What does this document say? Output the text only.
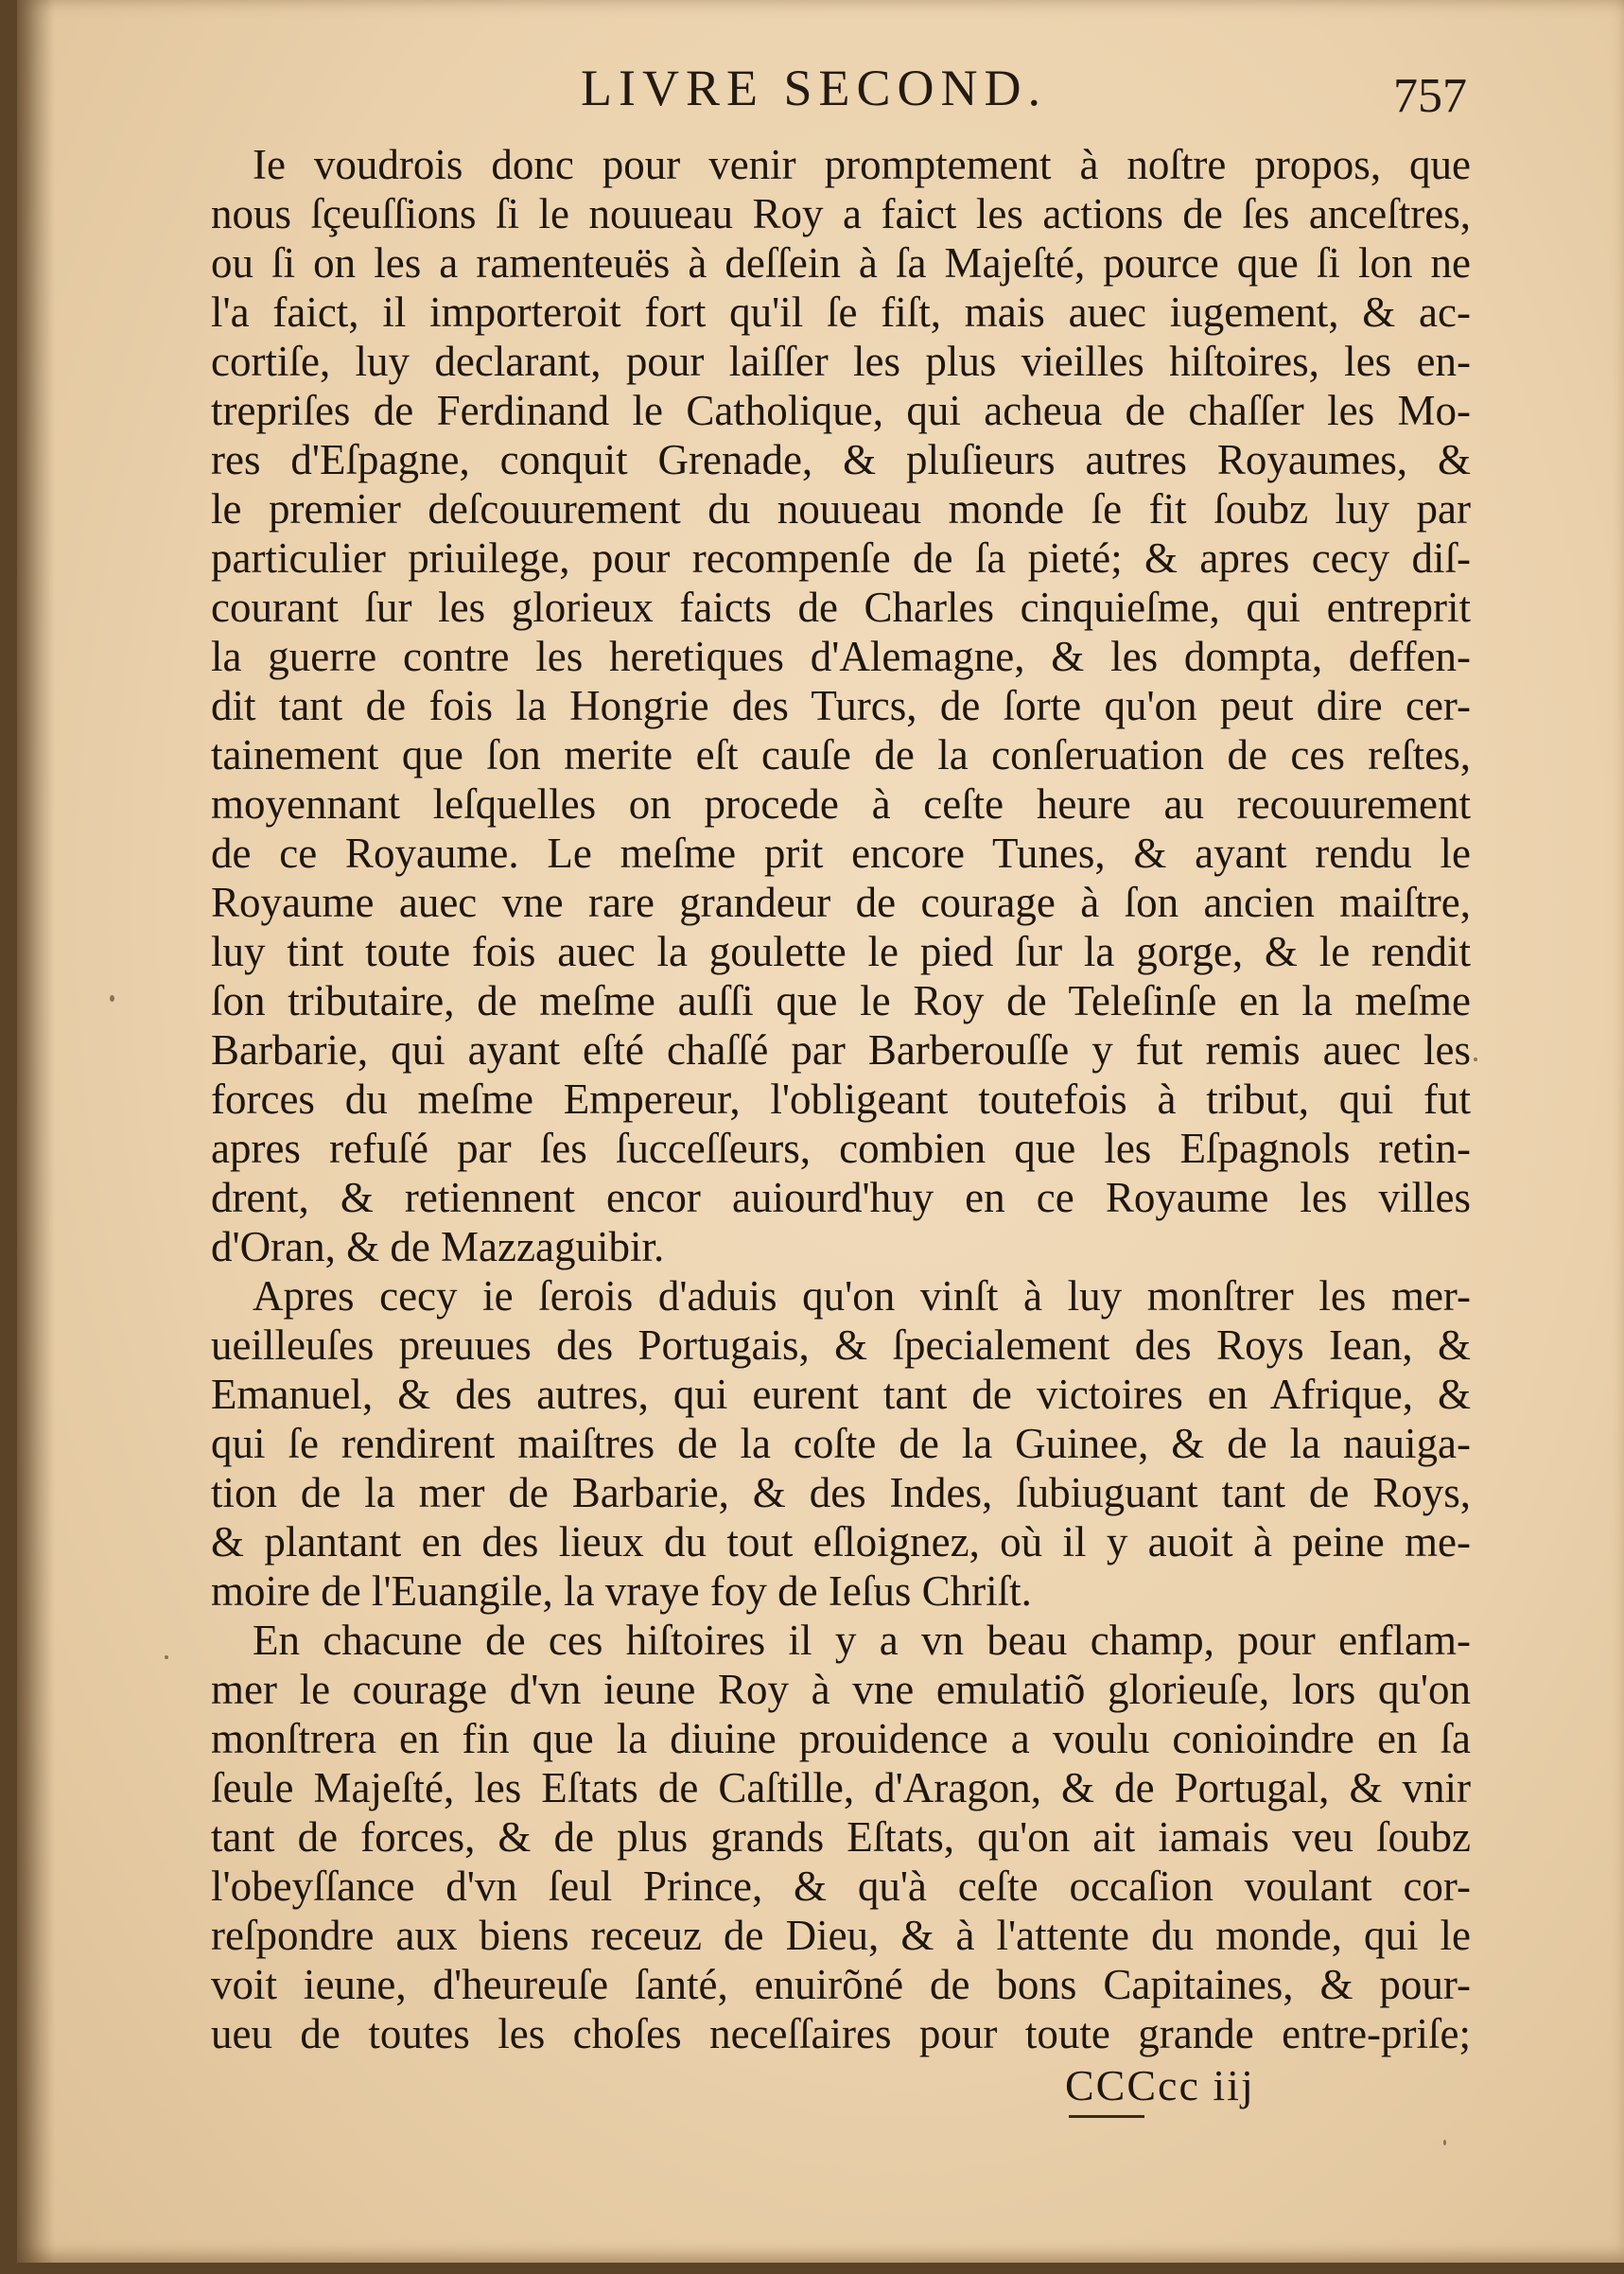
LIVRE SECOND.	757
Ie voudrois donc pour venir promptement à noſtre propos, que
nous ſçeuſſions ſi le nouueau Roy a faict les actions de ſes anceſtres,
ou ſi on les a ramenteuës à deſſein à ſa Majeſté, pource que ſi lon ne
l'a faict, il importeroit fort qu'il ſe fiſt, mais auec iugement, & ac-
cortiſe, luy declarant, pour laiſſer les plus vieilles hiſtoires, les en-
trepriſes de Ferdinand le Catholique, qui acheua de chaſſer les Mo-
res d'Eſpagne, conquit Grenade, & pluſieurs autres Royaumes, &
le premier deſcouurement du nouueau monde ſe fit ſoubz luy par
particulier priuilege, pour recompenſe de ſa pieté; & apres cecy diſ-
courant ſur les glorieux faicts de Charles cinquieſme, qui entreprit
la guerre contre les heretiques d'Alemagne, & les dompta, deffen-
dit tant de fois la Hongrie des Turcs, de ſorte qu'on peut dire cer-
tainement que ſon merite eſt cauſe de la conſeruation de ces reſtes,
moyennant leſquelles on procede à ceſte heure au recouurement
de ce Royaume. Le meſme prit encore Tunes, & ayant rendu le
Royaume auec vne rare grandeur de courage à ſon ancien maiſtre,
luy tint toute fois auec la goulette le pied ſur la gorge, & le rendit
ſon tributaire, de meſme auſſi que le Roy de Teleſinſe en la meſme
Barbarie, qui ayant eſté chaſſé par Barberouſſe y fut remis auec les
forces du meſme Empereur, l'obligeant toutefois à tribut, qui fut
apres refuſé par ſes ſucceſſeurs, combien que les Eſpagnols retin-
drent, & retiennent encor auiourd'huy en ce Royaume les villes
d'Oran, & de Mazzaguibir.
Apres cecy ie ſerois d'aduis qu'on vinſt à luy monſtrer les mer-
ueilleuſes preuues des Portugais, & ſpecialement des Roys Iean, &
Emanuel, & des autres, qui eurent tant de victoires en Afrique, &
qui ſe rendirent maiſtres de la coſte de la Guinee, & de la nauiga-
tion de la mer de Barbarie, & des Indes, ſubiuguant tant de Roys,
& plantant en des lieux du tout eſloignez, où il y auoit à peine me-
moire de l'Euangile, la vraye foy de Ieſus Chriſt.
En chacune de ces hiſtoires il y a vn beau champ, pour enflam-
mer le courage d'vn ieune Roy à vne emulatiõ glorieuſe, lors qu'on
monſtrera en fin que la diuine prouidence a voulu conioindre en ſa
ſeule Majeſté, les Eſtats de Caſtille, d'Aragon, & de Portugal, & vnir
tant de forces, & de plus grands Eſtats, qu'on ait iamais veu ſoubz
l'obeyſſance d'vn ſeul Prince, & qu'à ceſte occaſion voulant cor-
reſpondre aux biens receuz de Dieu, & à l'attente du monde, qui le
voit ieune, d'heureuſe ſanté, enuirõné de bons Capitaines, & pour-
ueu de toutes les choſes neceſſaires pour toute grande entre-priſe;
CCCcc iij
